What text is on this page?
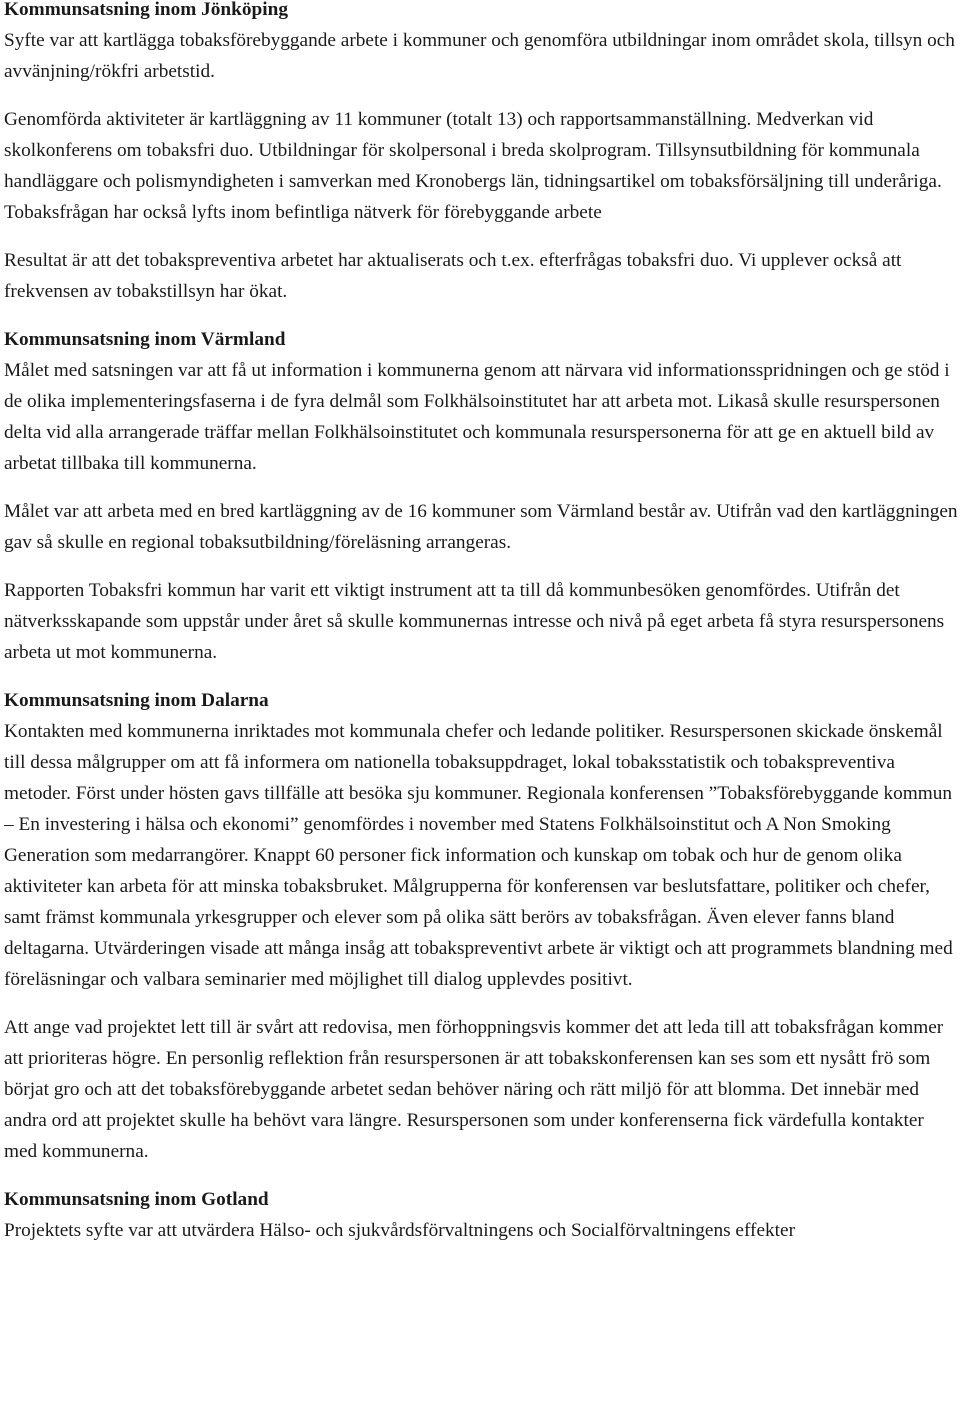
Kommunsatsning inom Jönköping

Syfte var att kartlägga tobaksförebyggande arbete i kommuner och genomföra utbildningar inom området skola, tillsyn och avvänjning/rökfri arbetstid.

Genomförda aktiviteter är kartläggning av 11 kommuner (totalt 13) och rapportsammanställning. Medverkan vid skolkonferens om tobaksfri duo. Utbildningar för skolpersonal i breda skolprogram. Tillsynsutbildning för kommunala handläggare och polismyndigheten i samverkan med Kronobergs län, tidningsartikel om tobaksförsäljning till underåriga. Tobaksfrågan har också lyfts inom befintliga nätverk för förebyggande arbete

Resultat är att det tobakspreventiva arbetet har aktualiserats och t.ex. efterfrågas tobaksfri duo. Vi upplever också att frekvensen av tobakstillsyn har ökat.

Kommunsatsning inom Värmland

Målet med satsningen var att få ut information i kommunerna genom att närvara vid informationsspridningen och ge stöd i de olika implementeringsfaserna i de fyra delmål som Folkhälsoinstitutet har att arbeta mot. Likaså skulle resurspersonen delta vid alla arrangerade träffar mellan Folkhälsoinstitutet och kommunala resurspersonerna för att ge en aktuell bild av arbetat tillbaka till kommunerna.

Målet var att arbeta med en bred kartläggning av de 16 kommuner som Värmland består av. Utifrån vad den kartläggningen gav så skulle en regional tobaksutbildning/föreläsning arrangeras.

Rapporten Tobaksfri kommun har varit ett viktigt instrument att ta till då kommunbesöken genomfördes. Utifrån det nätverksskapande som uppstår under året så skulle kommunernas intresse och nivå på eget arbeta få styra resurspersonens arbeta ut mot kommunerna.

Kommunsatsning inom Dalarna

Kontakten med kommunerna inriktades mot kommunala chefer och ledande politiker. Resurspersonen skickade önskemål till dessa målgrupper om att få informera om nationella tobaksuppdraget, lokal tobaksstatistik och tobakspreventiva metoder. Först under hösten gavs tillfälle att besöka sju kommuner. Regionala konferensen ”Tobaksförebyggande kommun – En investering i hälsa och ekonomi” genomfördes i november med Statens Folkhälsoinstitut och A Non Smoking Generation som medarrangörer. Knappt 60 personer fick information och kunskap om tobak och hur de genom olika aktiviteter kan arbeta för att minska tobaksbruket. Målgrupperna för konferensen var beslutsfattare, politiker och chefer, samt främst kommunala yrkesgrupper och elever som på olika sätt berörs av tobaksfrågan. Även elever fanns bland deltagarna. Utvärderingen visade att många insåg att tobakspreventivt arbete är viktigt och att programmets blandning med föreläsningar och valbara seminarier med möjlighet till dialog upplevdes positivt.

Att ange vad projektet lett till är svårt att redovisa, men förhoppningsvis kommer det att leda till att tobaksfrågan kommer att prioriteras högre. En personlig reflektion från resurspersonen är att tobakskonferensen kan ses som ett nysått frö som börjat gro och att det tobaksförebyggande arbetet sedan behöver näring och rätt miljö för att blomma. Det innebär med andra ord att projektet skulle ha behövt vara längre. Resurspersonen som under konferenserna fick värdefulla kontakter med kommunerna.

Kommunsatsning inom Gotland

Projektets syfte var att utvärdera Hälso- och sjukvårdsförvaltningens och Socialförvaltningens effekter
